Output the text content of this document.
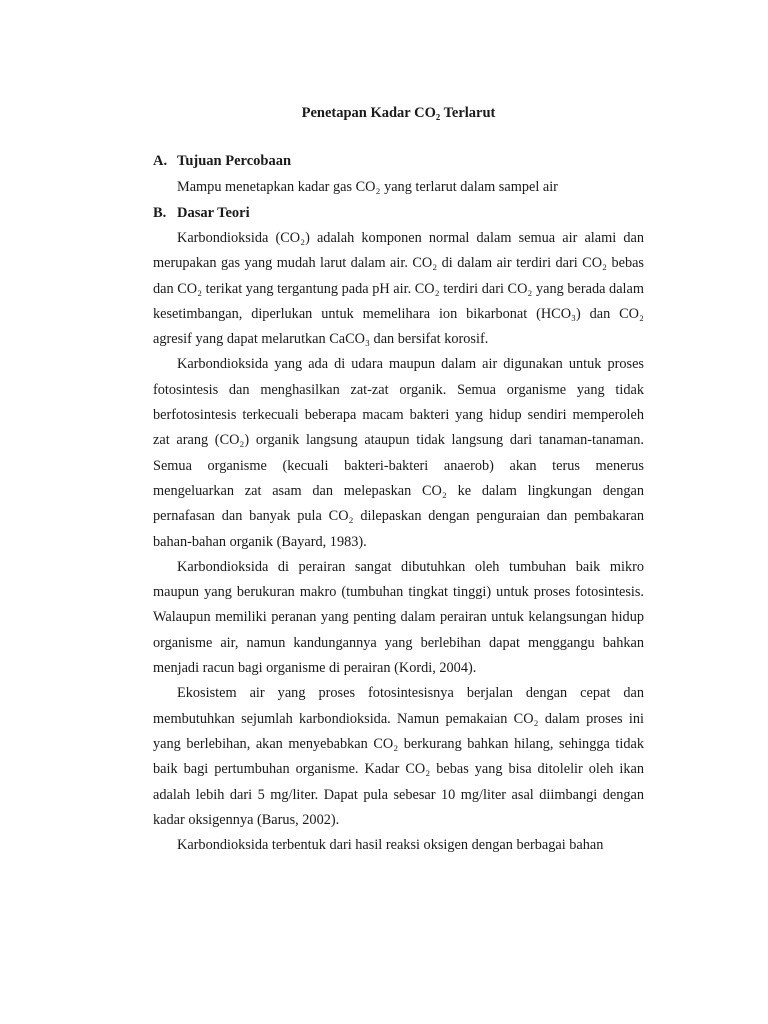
Penetapan Kadar CO₂ Terlarut
A. Tujuan Percobaan

Mampu menetapkan kadar gas CO₂ yang terlarut dalam sampel air

B. Dasar Teori

Karbondioksida (CO₂) adalah komponen normal dalam semua air alami dan merupakan gas yang mudah larut dalam air. CO₂ di dalam air terdiri dari CO₂ bebas dan CO₂ terikat yang tergantung pada pH air. CO₂ terdiri dari CO₂ yang berada dalam kesetimbangan, diperlukan untuk memelihara ion bikarbonat (HCO₃) dan CO₂ agresif yang dapat melarutkan CaCO₃ dan bersifat korosif.

Karbondioksida yang ada di udara maupun dalam air digunakan untuk proses fotosintesis dan menghasilkan zat-zat organik. Semua organisme yang tidak berfotosintesis terkecuali beberapa macam bakteri yang hidup sendiri memperoleh zat arang (CO₂) organik langsung ataupun tidak langsung dari tanaman-tanaman. Semua organisme (kecuali bakteri-bakteri anaerob) akan terus menerus mengeluarkan zat asam dan melepaskan CO₂ ke dalam lingkungan dengan pernafasan dan banyak pula CO₂ dilepaskan dengan penguraian dan pembakaran bahan-bahan organik (Bayard, 1983).

Karbondioksida di perairan sangat dibutuhkan oleh tumbuhan baik mikro maupun yang berukuran makro (tumbuhan tingkat tinggi) untuk proses fotosintesis. Walaupun memiliki peranan yang penting dalam perairan untuk kelangsungan hidup organisme air, namun kandungannya yang berlebihan dapat menggangu bahkan menjadi racun bagi organisme di perairan (Kordi, 2004).

Ekosistem air yang proses fotosintesisnya berjalan dengan cepat dan membutuhkan sejumlah karbondioksida. Namun pemakaian CO₂ dalam proses ini yang berlebihan, akan menyebabkan CO₂ berkurang bahkan hilang, sehingga tidak baik bagi pertumbuhan organisme. Kadar CO₂ bebas yang bisa ditolelir oleh ikan adalah lebih dari 5 mg/liter. Dapat pula sebesar 10 mg/liter asal diimbangi dengan kadar oksigennya (Barus, 2002).

Karbondioksida terbentuk dari hasil reaksi oksigen dengan berbagai bahan
